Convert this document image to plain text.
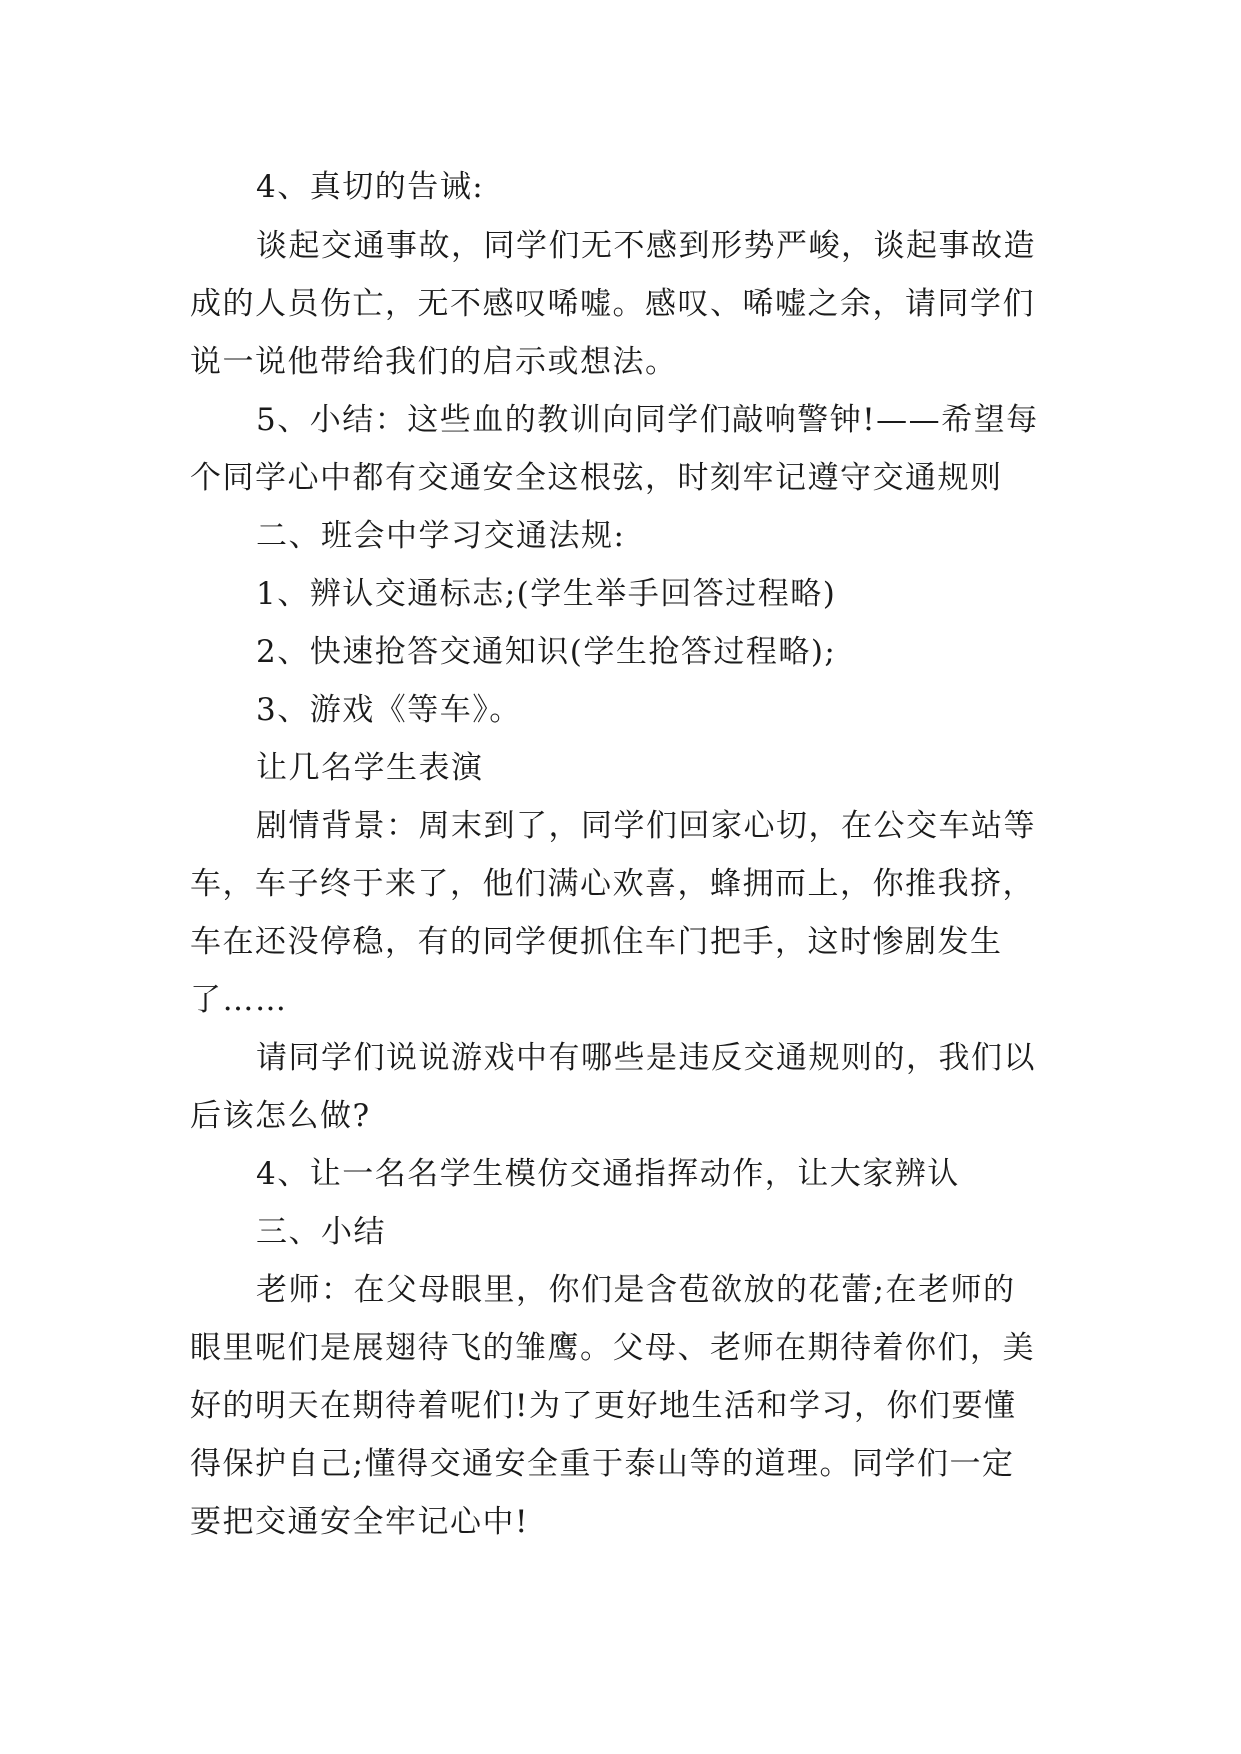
4、真切的告诫:
谈起交通事故，同学们无不感到形势严峻，谈起事故造
成的人员伤亡，无不感叹唏嘘。感叹、唏嘘之余，请同学们
说一说他带给我们的启示或想法。
5、小结：这些血的教训向同学们敲响警钟!——希望每
个同学心中都有交通安全这根弦，时刻牢记遵守交通规则
二、班会中学习交通法规:
1、辨认交通标志;(学生举手回答过程略)
2、快速抢答交通知识(学生抢答过程略);
3、游戏《等车》。
让几名学生表演
剧情背景：周末到了，同学们回家心切，在公交车站等
车，车子终于来了，他们满心欢喜，蜂拥而上，你推我挤，
车在还没停稳，有的同学便抓住车门把手，这时惨剧发生
了……
请同学们说说游戏中有哪些是违反交通规则的，我们以
后该怎么做?
4、让一名名学生模仿交通指挥动作，让大家辨认
三、小结
老师：在父母眼里，你们是含苞欲放的花蕾;在老师的
眼里呢们是展翅待飞的雏鹰。父母、老师在期待着你们，美
好的明天在期待着呢们!为了更好地生活和学习，你们要懂
得保护自己;懂得交通安全重于泰山等的道理。同学们一定
要把交通安全牢记心中!
